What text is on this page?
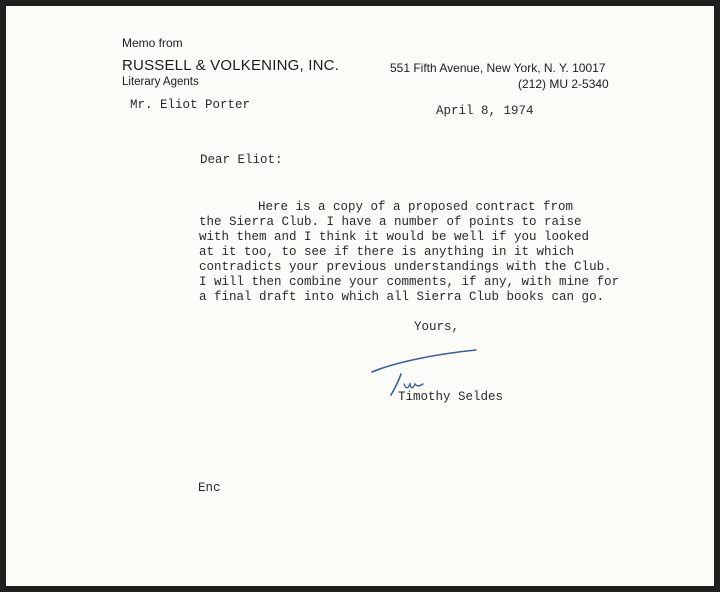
Memo from
RUSSELL & VOLKENING, INC.
Literary Agents
551 Fifth Avenue, New York, N. Y. 10017
(212) MU 2-5340
Mr. Eliot Porter	April 8, 1974
Dear Eliot:
Here is a copy of a proposed contract from
the Sierra Club. I have a number of points to raise
with them and I think it would be well if you looked
at it too, to see if there is anything in it which
contradicts your previous understandings with the Club.
I will then combine your comments, if any, with mine for
a final draft into which all Sierra Club books can go.
Yours,
Timothy Seldes
Enc
